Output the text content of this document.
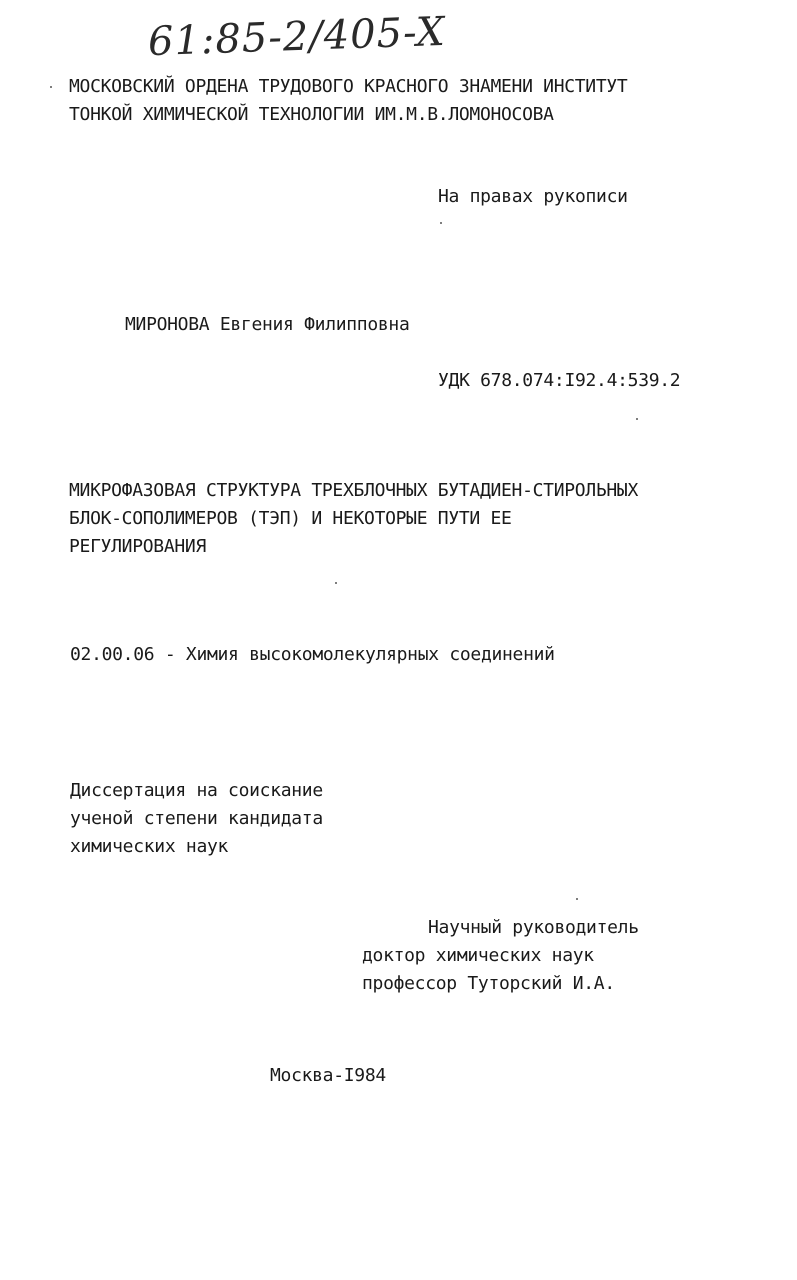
61:85-2/405-X
МОСКОВСКИЙ ОРДЕНА ТРУДОВОГО КРАСНОГО ЗНАМЕНИ ИНСТИТУТ
ТОНКОЙ ХИМИЧЕСКОЙ ТЕХНОЛОГИИ ИМ.М.В.ЛОМОНОСОВА
На правах рукописи
МИРОНОВА Евгения Филипповна
УДК 678.074:I92.4:539.2
МИКРОФАЗОВАЯ СТРУКТУРА ТРЕХБЛОЧНЫХ БУТАДИЕН-СТИРОЛЬНЫХ
БЛОК-СОПОЛИМЕРОВ (ТЭП) И НЕКОТОРЫЕ ПУТИ ЕЕ
РЕГУЛИРОВАНИЯ
02.00.06 - Химия высокомолекулярных соединений
Диссертация на соискание
ученой степени кандидата
химических наук
Научный руководитель
доктор химических наук
профессор Туторский И.А.
Москва-I984
